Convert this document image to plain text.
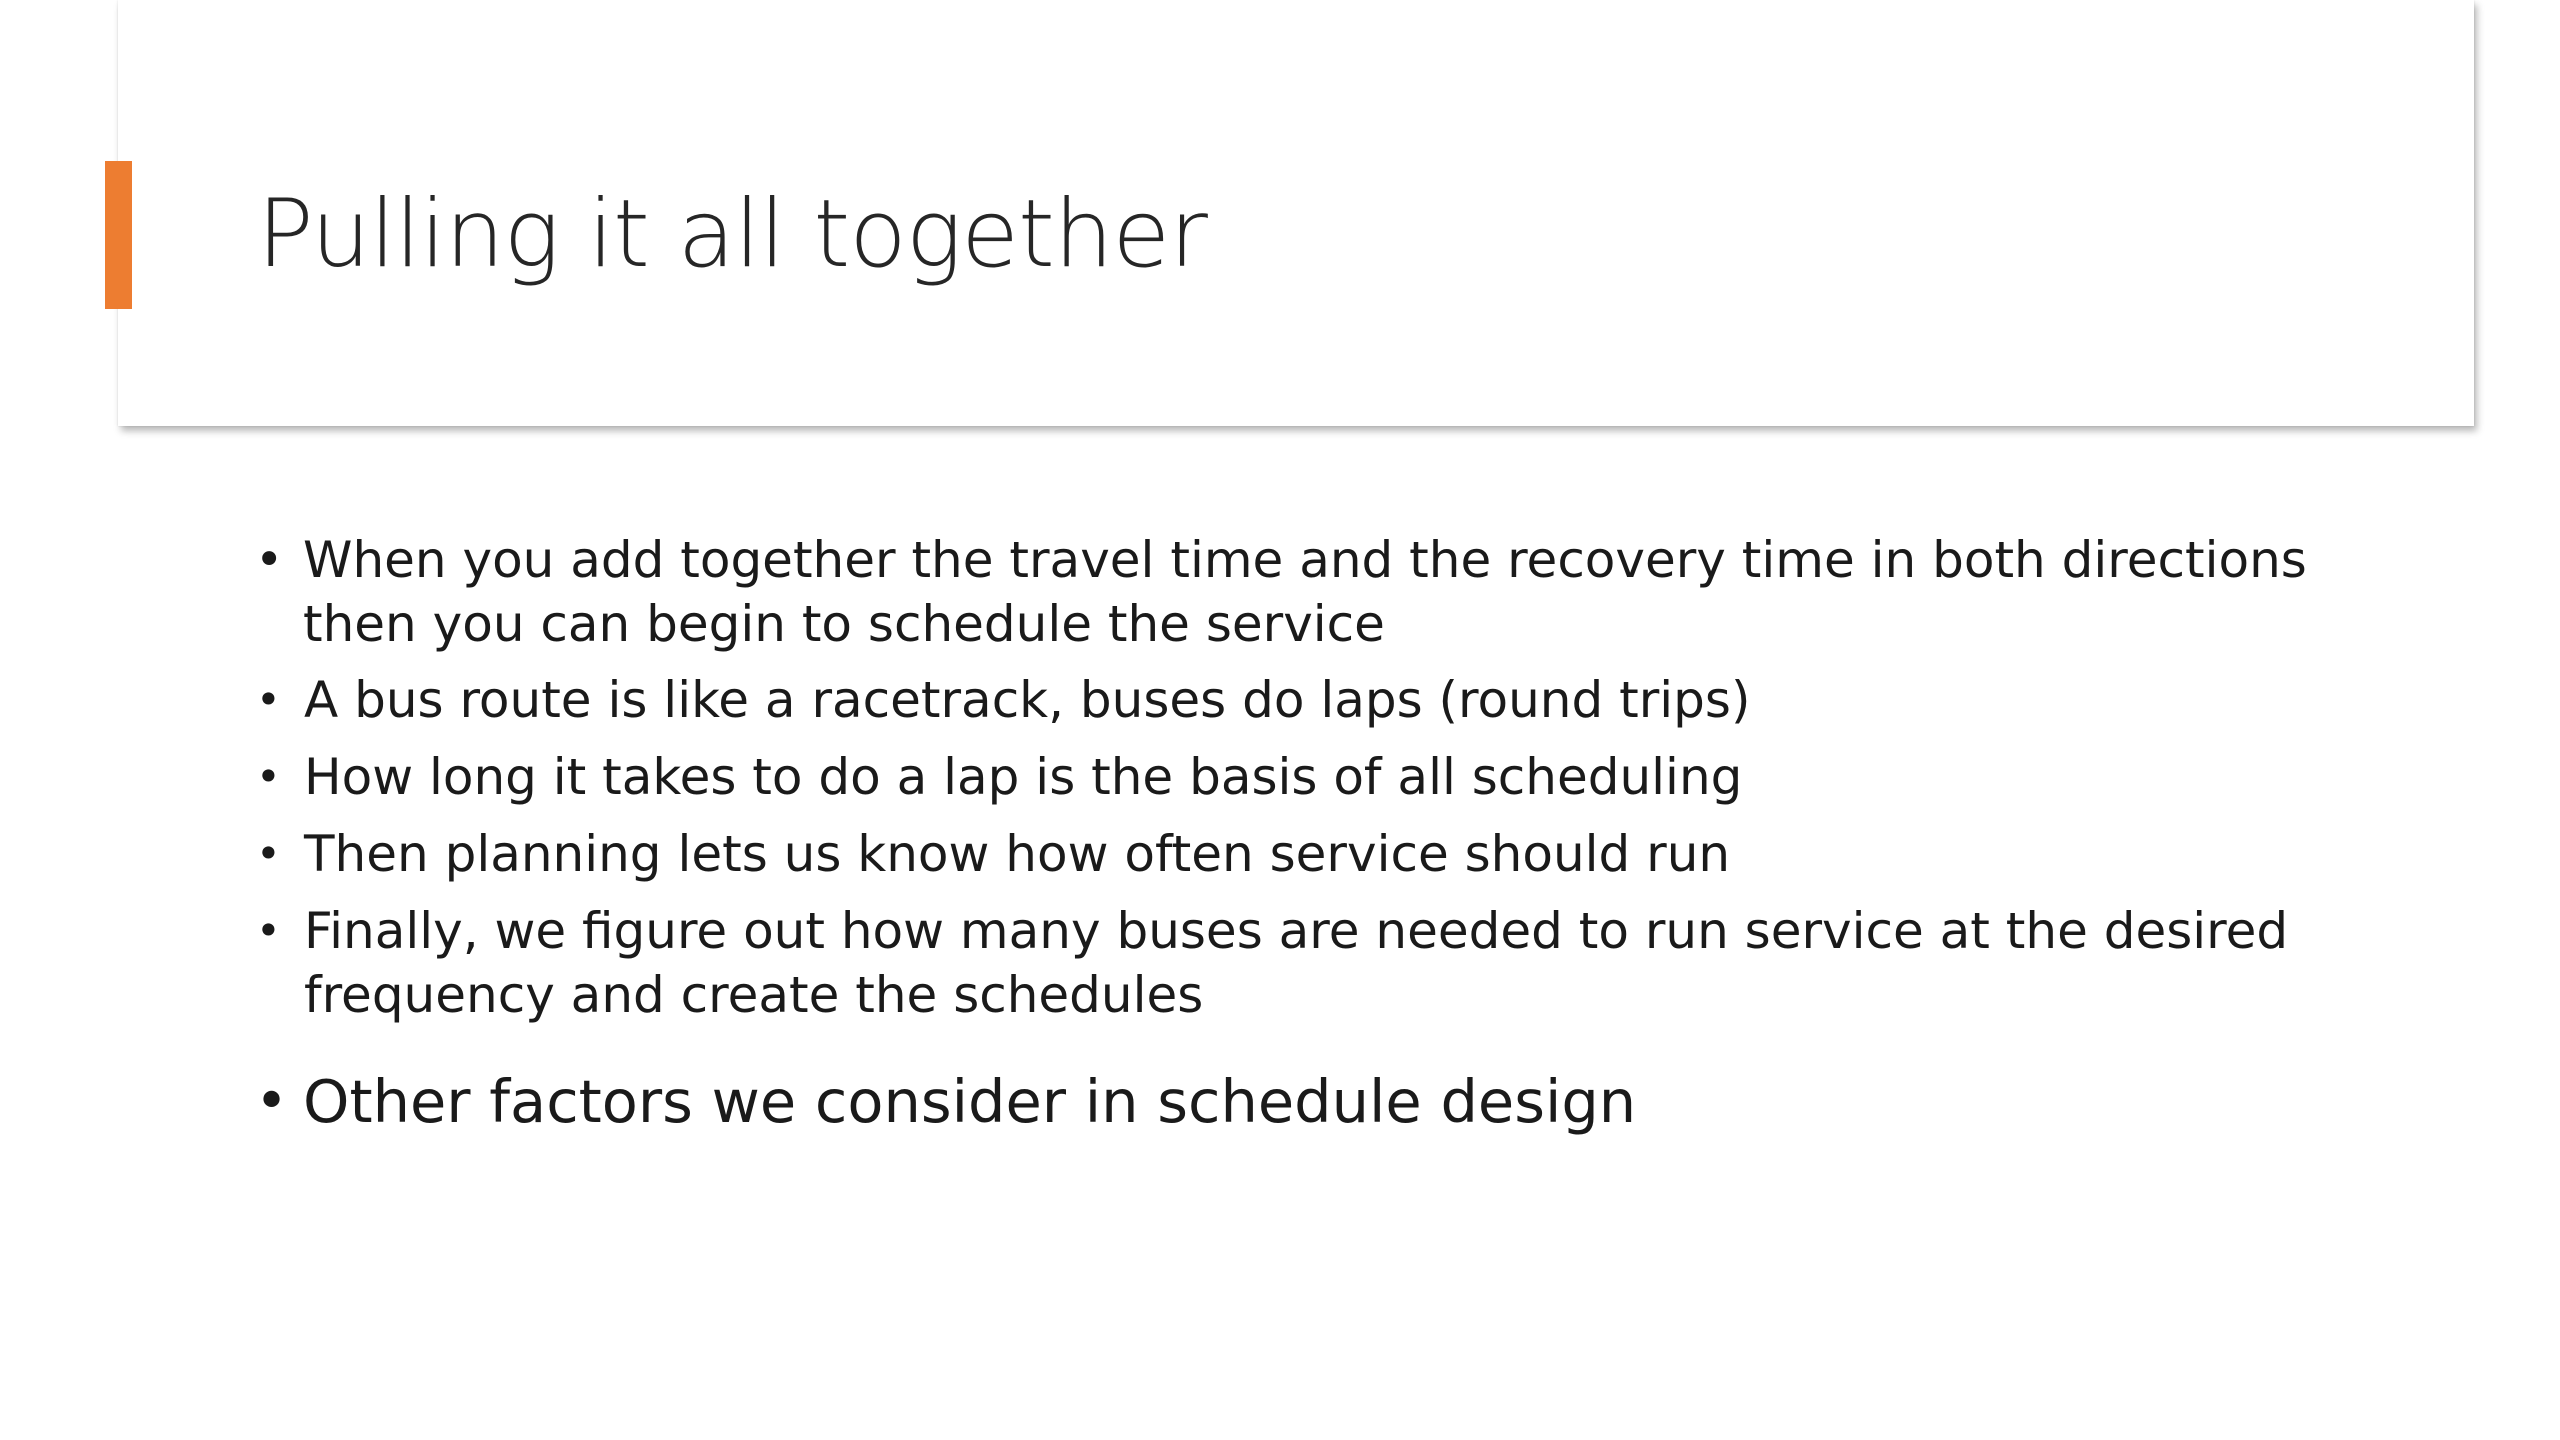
Pulling it all together
• When you add together the travel time and the recovery time in both directions then you can begin to schedule the service
• A bus route is like a racetrack, buses do laps (round trips)
• How long it takes to do a lap is the basis of all scheduling
• Then planning lets us know how often service should run
• Finally, we figure out how many buses are needed to run service at the desired frequency and create the schedules
• Other factors we consider in schedule design
